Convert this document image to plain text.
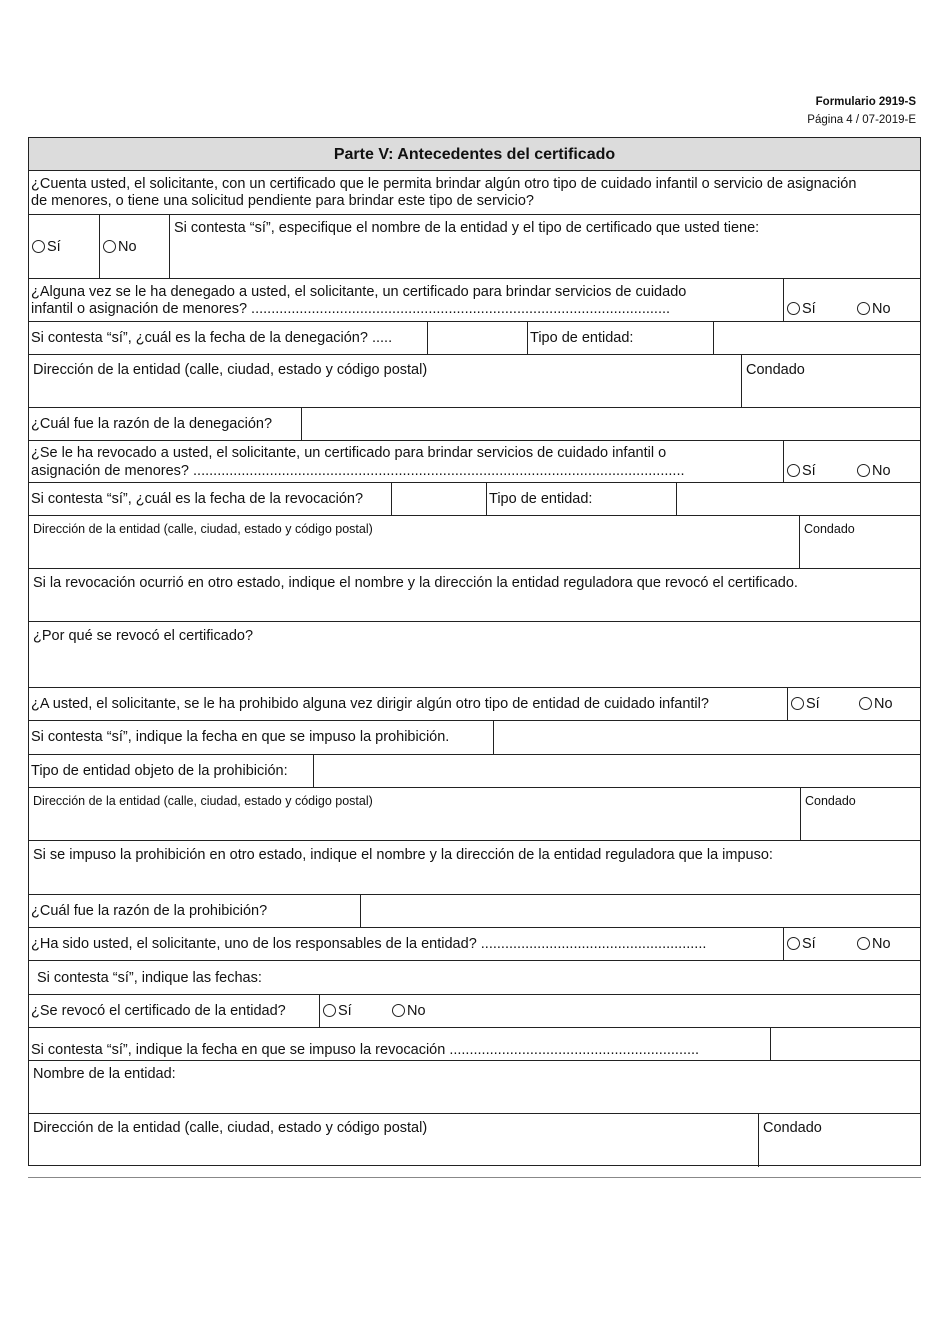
Formulario 2919-S
Página 4 / 07-2019-E
Parte V: Antecedentes del certificado
¿Cuenta usted, el solicitante, con un certificado que le permita brindar algún otro tipo de cuidado infantil o servicio de asignación
de menores, o tiene una solicitud pendiente para brindar este tipo de servicio?
Sí	No
Si contesta “sí”, especifique el nombre de la entidad y el tipo de certificado que usted tiene:
¿Alguna vez se le ha denegado a usted, el solicitante, un certificado para brindar servicios de cuidado
infantil o asignación de menores? ........................................................................................................	Sí	No
Si contesta “sí”, ¿cuál es la fecha de la denegación? .....	Tipo de entidad:
Dirección de la entidad (calle, ciudad, estado y código postal)	Condado
¿Cuál fue la razón de la denegación?
¿Se le ha revocado a usted, el solicitante, un certificado para brindar servicios de cuidado infantil o
asignación de menores? ..........................................................................................................................	Sí	No
Si contesta “sí”, ¿cuál es la fecha de la revocación?	Tipo de entidad:
Dirección de la entidad (calle, ciudad, estado y código postal)	Condado
Si la revocación ocurrió en otro estado, indique el nombre y la dirección la entidad reguladora que revocó el certificado.
¿Por qué se revocó el certificado?
¿A usted, el solicitante, se le ha prohibido alguna vez dirigir algún otro tipo de entidad de cuidado infantil?	Sí	No
Si contesta “sí”, indique la fecha en que se impuso la prohibición.
Tipo de entidad objeto de la prohibición:
Dirección de la entidad (calle, ciudad, estado y código postal)	Condado
Si se impuso la prohibición en otro estado, indique el nombre y la dirección de la entidad reguladora que la impuso:
¿Cuál fue la razón de la prohibición?
¿Ha sido usted, el solicitante, uno de los responsables de la entidad? ........................................................	Sí	No
Si contesta “sí”, indique las fechas:
¿Se revocó el certificado de la entidad?	Sí	No
Si contesta “sí”, indique la fecha en que se impuso la revocación ..............................................................
Nombre de la entidad:
Dirección de la entidad (calle, ciudad, estado y código postal)	Condado
